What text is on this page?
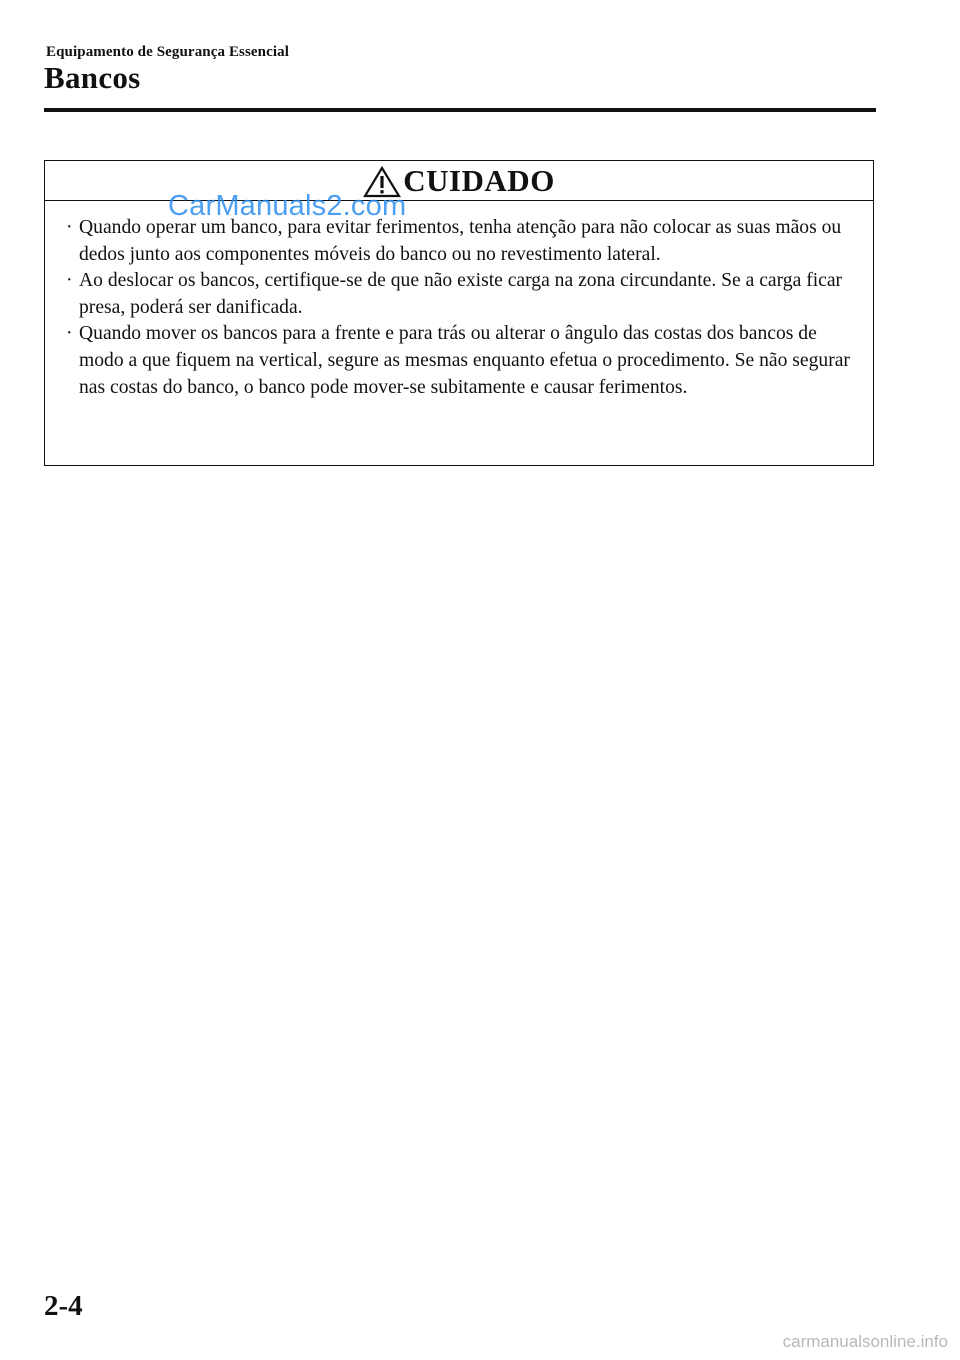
Equipamento de Segurança Essencial
Bancos
CUIDADO
· Quando operar um banco, para evitar ferimentos, tenha atenção para não colocar as suas mãos ou dedos junto aos componentes móveis do banco ou no revestimento lateral.
· Ao deslocar os bancos, certifique-se de que não existe carga na zona circundante. Se a carga ficar presa, poderá ser danificada.
· Quando mover os bancos para a frente e para trás ou alterar o ângulo das costas dos bancos de modo a que fiquem na vertical, segure as mesmas enquanto efetua o procedimento. Se não segurar nas costas do banco, o banco pode mover-se subitamente e causar ferimentos.
CarManuals2.com
2-4
carmanualsonline.info
